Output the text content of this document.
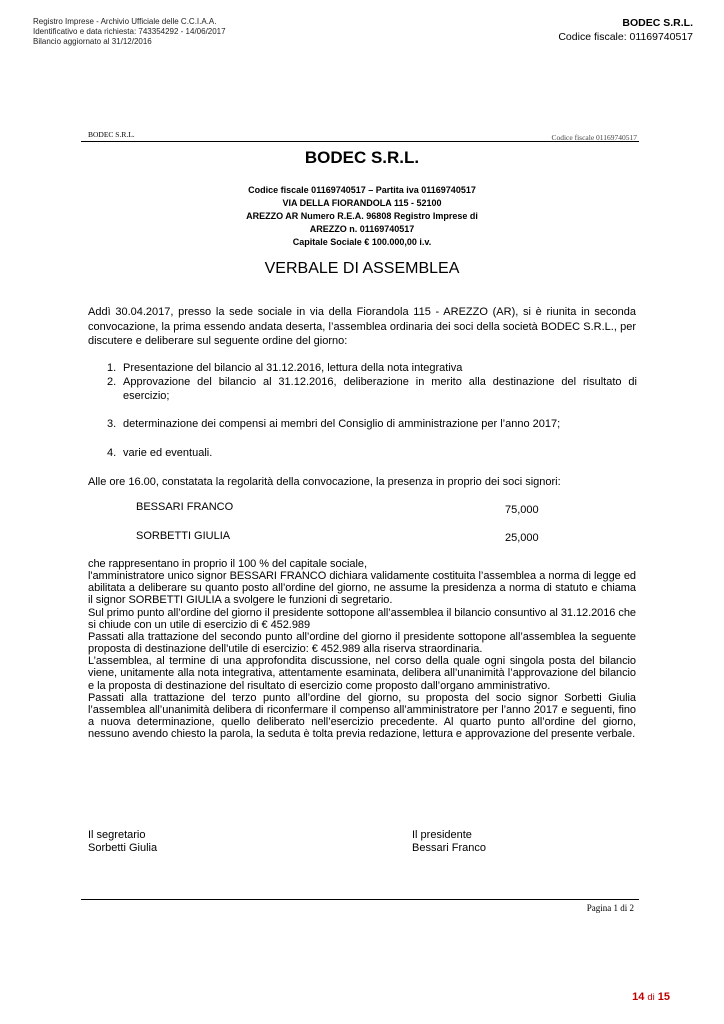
Registro Imprese - Archivio Ufficiale delle C.C.I.A.A.
Identificativo e data richiesta: 743354292 - 14/06/2017
Bilancio aggiornato al 31/12/2016
BODEC S.R.L.
Codice fiscale: 01169740517
BODEC S.R.L.	Codice fiscale 01169740517
BODEC S.R.L.
Codice fiscale 01169740517 – Partita iva 01169740517
VIA DELLA FIORANDOLA 115 - 52100
AREZZO AR Numero R.E.A. 96808 Registro Imprese di
AREZZO n. 01169740517
Capitale Sociale € 100.000,00 i.v.
VERBALE DI ASSEMBLEA
Addì 30.04.2017, presso la sede sociale in via della Fiorandola 115 - AREZZO (AR), si è riunita in seconda convocazione, la prima essendo andata deserta, l’assemblea ordinaria dei soci della società BODEC S.R.L., per discutere e deliberare sul seguente ordine del giorno:
1. Presentazione del bilancio al 31.12.2016, lettura della nota integrativa
2. Approvazione del bilancio al 31.12.2016, deliberazione in merito alla destinazione del risultato di esercizio;
3. determinazione dei compensi ai membri del Consiglio di amministrazione per l’anno 2017;
4. varie ed eventuali.
Alle ore 16.00, constatata la regolarità della convocazione, la presenza in proprio dei soci signori:
BESSARI FRANCO	75,000
SORBETTI GIULIA	25,000
che rappresentano in proprio il 100 % del capitale sociale,
l'amministratore unico signor BESSARI FRANCO dichiara validamente costituita l’assemblea a norma di legge ed abilitata a deliberare su quanto posto all’ordine del giorno, ne assume la presidenza a norma di statuto e chiama il signor SORBETTI GIULIA a svolgere le funzioni di segretario.
Sul primo punto all’ordine del giorno il presidente sottopone all’assemblea il bilancio consuntivo al 31.12.2016 che si chiude con un utile di esercizio di € 452.989
Passati alla trattazione del secondo punto all’ordine del giorno il presidente sottopone all’assemblea la seguente proposta di destinazione dell’utile di esercizio: € 452.989 alla riserva straordinaria.
L’assemblea, al termine di una approfondita discussione, nel corso della quale ogni singola posta del bilancio viene, unitamente alla nota integrativa, attentamente esaminata, delibera all’unanimità l’approvazione del bilancio e la proposta di destinazione del risultato di esercizio come proposto dall’organo amministrativo.
Passati alla trattazione del terzo punto all’ordine del giorno, su proposta del socio signor Sorbetti Giulia l’assemblea all’unanimità delibera di riconfermare il compenso all’amministratore per l’anno 2017 e seguenti, fino a nuova determinazione, quello deliberato nell’esercizio precedente. Al quarto punto all’ordine del giorno, nessuno avendo chiesto la parola, la seduta è tolta previa redazione, lettura e approvazione del presente verbale.
Il segretario
Sorbetti Giulia
Il presidente
Bessari Franco
Pagina 1 di 2
14 di 15
